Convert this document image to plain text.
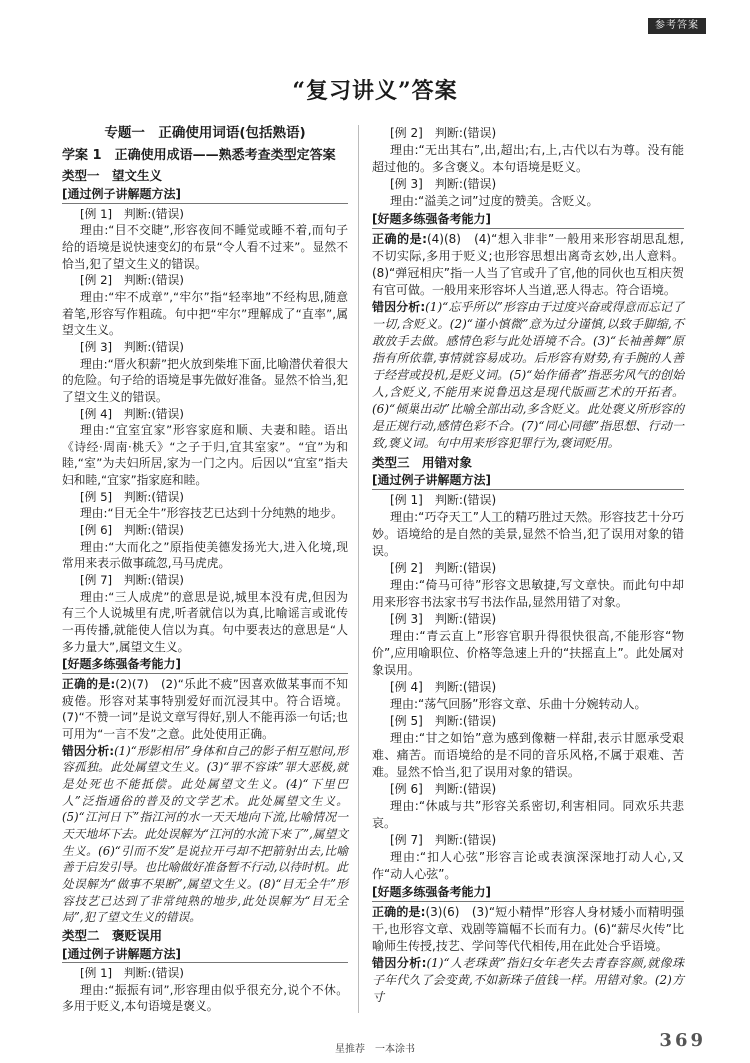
参考答案
“复习讲义”答案
专题一　正确使用词语(包括熟语)
学案 1　正确使用成语——熟悉考查类型定答案
类型一　望文生义
[通过例子讲解题方法]

[例 1]　判断:(错误)

理由:“目不交睫”,形容夜间不睡觉或睡不着,而句子给的语境是说快速变幻的布景“令人看不过来”。显然不恰当,犯了望文生义的错误。

[例 2]　判断:(错误)

理由:“牢不成章”,“牢尔”指“轻率地”不经构思,随意着笔,形容写作粗疏。句中把“牢尔”理解成了“直率”,属望文生义。

[例 3]　判断:(错误)

理由:“厝火积薪”把火放到柴堆下面,比喻潜伏着很大的危险。句子给的语境是事先做好准备。显然不恰当,犯了望文生义的错误。

[例 4]　判断:(错误)

理由:“宜室宜家”形容家庭和顺、夫妻和睦。语出《诗经·周南·桃夭》“之子于归,宜其室家”。“宜”为和睦,“室”为夫妇所居,家为一门之内。后因以“宜室”指夫妇和睦,“宜家”指家庭和睦。

[例 5]　判断:(错误)

理由:“目无全牛”形容技艺已达到十分纯熟的地步。

[例 6]　判断:(错误)

理由:“大而化之”原指使美德发扬光大,进入化境,现常用来表示做事疏忽,马马虎虎。

[例 7]　判断:(错误)

理由:“三人成虎”的意思是说,城里本没有虎,但因为有三个人说城里有虎,听者就信以为真,比喻谣言或讹传一再传播,就能使人信以为真。句中要表达的意思是“人多力量大”,属望文生义。

[好题多练强备考能力]

正确的是:(2)(7)　(2)“乐此不疲”因喜欢做某事而不知疲倦。形容对某事特别爱好而沉浸其中。符合语境。(7)“不赞一词”是说文章写得好,别人不能再添一句话;也可用为“一言不发”之意。此处使用正确。

错因分析:(1)“形影相吊”身体和自己的影子相互慰问,形容孤独。此处属望文生义。(3)“罪不容诛”罪大恶极,就是处死也不能抵偿。此处属望文生义。(4)“下里巴人”泛指通俗的普及的文学艺术。此处属望文生义。(5)“江河日下”指江河的水一天天地向下流,比喻情况一天天地坏下去。此处误解为“江河的水流下来了”,属望文生义。(6)“引而不发”是说拉开弓却不把箭射出去,比喻善于启发引导。也比喻做好准备暂不行动,以待时机。此处误解为“做事不果断”,属望文生义。(8)“目无全牛”形容技艺已达到了非常纯熟的地步,此处误解为“目无全局”,犯了望文生义的错误。

类型二　褒贬误用
[通过例子讲解题方法]

[例 1]　判断:(错误)

理由:“振振有词”,形容理由似乎很充分,说个不休。多用于贬义,本句语境是褒义。

[例 2]　判断:(错误)

理由:“无出其右”,出,超出;右,上,古代以右为尊。没有能超过他的。多含褒义。本句语境是贬义。

[例 3]　判断:(错误)

理由:“溢美之词”过度的赞美。含贬义。

[好题多练强备考能力]

正确的是:(4)(8)　(4)“想入非非”一般用来形容胡思乱想,不切实际,多用于贬义;也形容思想出离奇玄妙,出人意料。(8)“弹冠相庆”指一人当了官或升了官,他的同伙也互相庆贺有官可做。一般用来形容坏人当道,恶人得志。符合语境。

错因分析:(1)“忘乎所以”形容由于过度兴奋或得意而忘记了一切,含贬义。(2)“谨小慎微”意为过分谨慎,以致手脚缩,不敢放手去做。感情色彩与此处语境不合。(3)“长袖善舞”原指有所依靠,事情就容易成功。后形容有财势,有手腕的人善于经营或投机,是贬义词。(5)“始作俑者”指恶劣风气的创始人,含贬义,不能用来说鲁迅这是现代版画艺术的开拓者。(6)“倾巢出动”比喻全部出动,多含贬义。此处褒义所形容的是正规行动,感情色彩不合。(7)“同心同德”指思想、行动一致,褒义词。句中用来形容犯罪行为,褒词贬用。

类型三　用错对象
[通过例子讲解题方法]

[例 1]　判断:(错误)

理由:“巧夺天工”人工的精巧胜过天然。形容技艺十分巧妙。语境给的是自然的美景,显然不恰当,犯了误用对象的错误。

[例 2]　判断:(错误)

理由:“倚马可待”形容文思敏捷,写文章快。而此句中却用来形容书法家书写书法作品,显然用错了对象。

[例 3]　判断:(错误)

理由:“青云直上”形容官职升得很快很高,不能形容“物价”,应用喻职位、价格等急速上升的“扶摇直上”。此处属对象误用。

[例 4]　判断:(错误)

理由:“荡气回肠”形容文章、乐曲十分婉转动人。

[例 5]　判断:(错误)

理由:“甘之如饴”意为感到像糖一样甜,表示甘愿承受艰难、痛苦。而语境给的是不同的音乐风格,不属于艰难、苦难。显然不恰当,犯了误用对象的错误。

[例 6]　判断:(错误)

理由:“休戚与共”形容关系密切,利害相同。同欢乐共悲哀。

[例 7]　判断:(错误)

理由:“扣人心弦”形容言论或表演深深地打动人心,又作“动人心弦”。

[好题多练强备考能力]

正确的是:(3)(6)　(3)“短小精悍”形容人身材矮小而精明强干,也形容文章、戏剧等篇幅不长而有力。(6)“薪尽火传”比喻师生传授,技艺、学问等代代相传,用在此处合乎语境。

错因分析:(1)“人老珠黄”指妇女年老失去青春容颜,就像珠子年代久了会变黄,不如新珠子值钱一样。用错对象。(2)方寸

星推荐　一本涂书	369
